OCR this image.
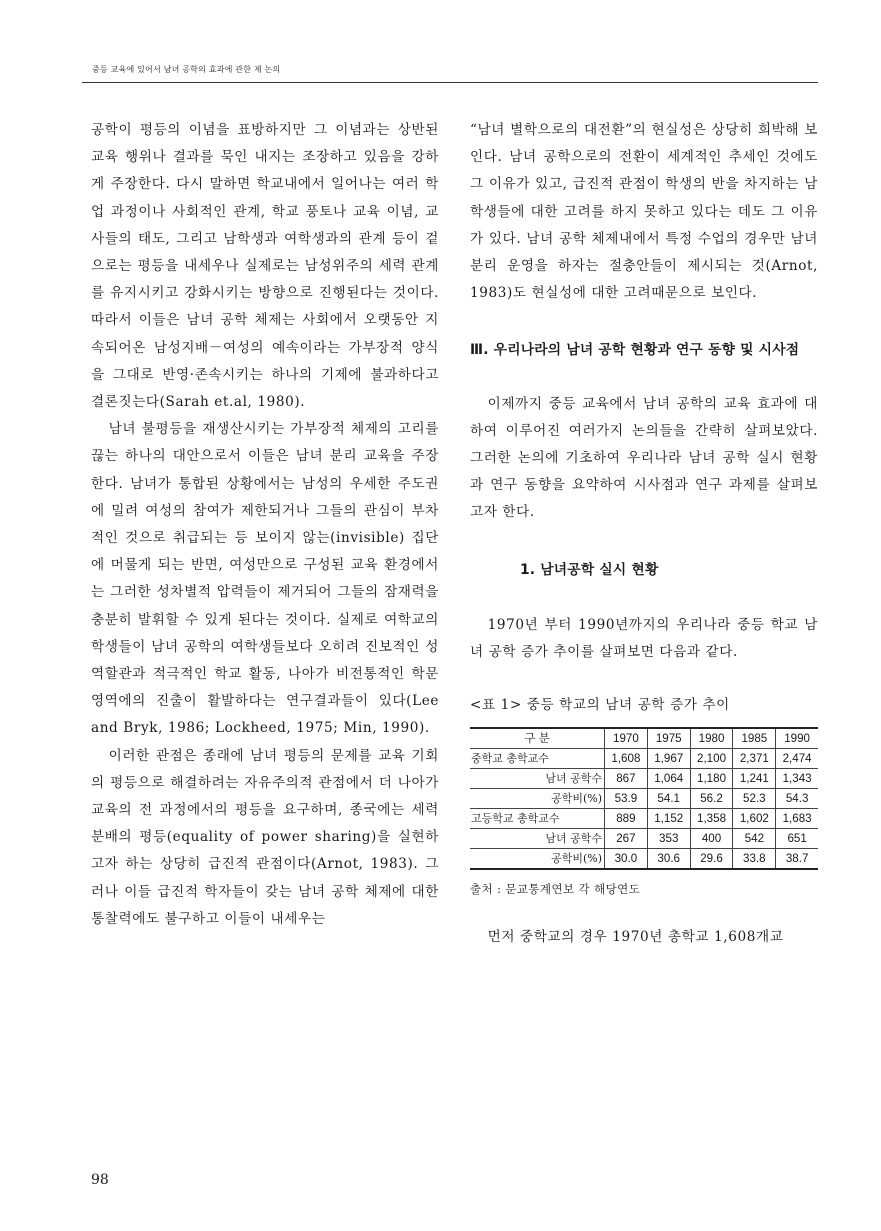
중등 교육에 있어서 남녀 공학의 효과에 관한 제 논의

공학이 평등의 이념을 표방하지만 그 이념과는 상반된 교육 행위나 결과를 묵인 내지는 조장하고 있음을 강하게 주장한다. 다시 말하면 학교내에서 일어나는 여러 학업 과정이나 사회적인 관계, 학교 풍토나 교육 이념, 교사들의 태도, 그리고 남학생과 여학생과의 관계 등이 겉으로는 평등을 내세우나 실제로는 남성위주의 세력 관계를 유지시키고 강화시키는 방향으로 진행된다는 것이다. 따라서 이들은 남녀 공학 체제는 사회에서 오랫동안 지속되어온 남성지배－여성의 예속이라는 가부장적 양식을 그대로 반영·존속시키는 하나의 기제에 불과하다고 결론짓는다(Sarah et.al, 1980).

남녀 불평등을 재생산시키는 가부장적 체제의 고리를 끊는 하나의 대안으로서 이들은 남녀 분리 교육을 주장한다. 남녀가 통합된 상황에서는 남성의 우세한 주도권에 밀려 여성의 참여가 제한되거나 그들의 관심이 부차적인 것으로 취급되는 등 보이지 않는(invisible) 집단에 머물게 되는 반면, 여성만으로 구성된 교육 환경에서는 그러한 성차별적 압력들이 제거되어 그들의 잠재력을 충분히 발휘할 수 있게 된다는 것이다. 실제로 여학교의 학생들이 남녀 공학의 여학생들보다 오히려 진보적인 성역할관과 적극적인 학교 활동, 나아가 비전통적인 학문 영역에의 진출이 활발하다는 연구결과들이 있다(Lee and Bryk, 1986; Lockheed, 1975; Min, 1990).

이러한 관점은 종래에 남녀 평등의 문제를 교육 기회의 평등으로 해결하려는 자유주의적 관점에서 더 나아가 교육의 전 과정에서의 평등을 요구하며, 종국에는 세력 분배의 평등(equality of power sharing)을 실현하고자 하는 상당히 급진적 관점이다(Arnot, 1983). 그러나 이들 급진적 학자들이 갖는 남녀 공학 체제에 대한 통찰력에도 불구하고 이들이 내세우는

“남녀 별학으로의 대전환”의 현실성은 상당히 희박해 보인다. 남녀 공학으로의 전환이 세계적인 추세인 것에도 그 이유가 있고, 급진적 관점이 학생의 반을 차지하는 남학생들에 대한 고려를 하지 못하고 있다는 데도 그 이유가 있다. 남녀 공학 체제내에서 특정 수업의 경우만 남녀 분리 운영을 하자는 절충안들이 제시되는 것(Arnot, 1983)도 현실성에 대한 고려때문으로 보인다.

Ⅲ. 우리나라의 남녀 공학 현황과 연구 동향 및 시사점

이제까지 중등 교육에서 남녀 공학의 교육 효과에 대하여 이루어진 여러가지 논의들을 간략히 살펴보았다. 그러한 논의에 기초하여 우리나라 남녀 공학 실시 현황과 연구 동향을 요약하여 시사점과 연구 과제를 살펴보고자 한다.

1. 남녀공학 실시 현황

1970년 부터 1990년까지의 우리나라 중등 학교 남녀 공학 증가 추이를 살펴보면 다음과 같다.

<표 1> 중등 학교의 남녀 공학 증가 추이

구 분	1970	1975	1980	1985	1990
중학교 총학교수	1,608	1,967	2,100	2,371	2,474
남녀 공학수	867	1,064	1,180	1,241	1,343
공학비(%)	53.9	54.1	56.2	52.3	54.3
고등학교 총학교수	889	1,152	1,358	1,602	1,683
남녀 공학수	267	353	400	542	651
공학비(%)	30.0	30.6	29.6	33.8	38.7

출처 : 문교통계연보 각 해당연도

먼저 중학교의 경우 1970년 총학교 1,608개교

98
